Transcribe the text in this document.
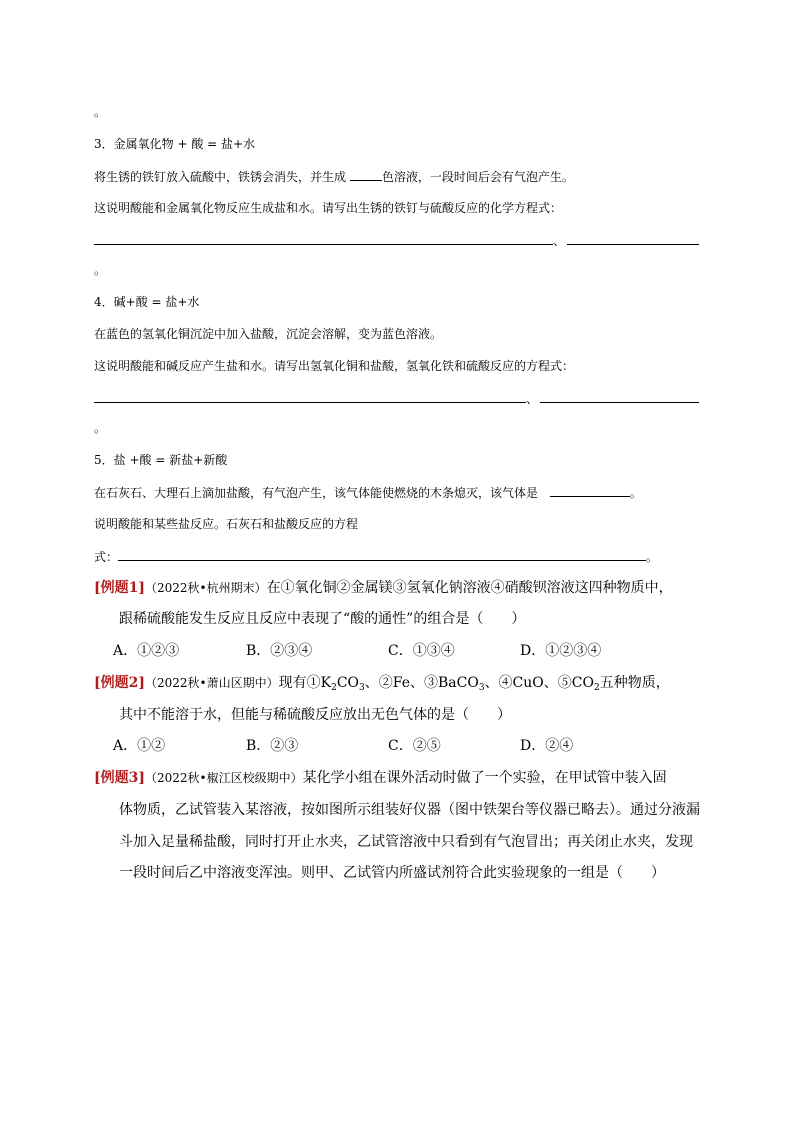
。
3．金属氧化物 + 酸 = 盐+水
将生锈的铁钉放入硫酸中，铁锈会消失，并生成	色溶液，一段时间后会有气泡产生。
这说明酸能和金属氧化物反应生成盐和水。请写出生锈的铁钉与硫酸反应的化学方程式：
、
。
4．碱+酸 = 盐+水
在蓝色的氢氧化铜沉淀中加入盐酸，沉淀会溶解，变为蓝色溶液。
这说明酸能和碱反应产生盐和水。请写出氢氧化铜和盐酸，氢氧化铁和硫酸反应的方程式：
、
。
5．盐 +酸 = 新盐+新酸
在石灰石、大理石上滴加盐酸，有气泡产生，该气体能使燃烧的木条熄灭，该气体是	。
说明酸能和某些盐反应。石灰石和盐酸反应的方程
式：	。
[例题1]（2022秋•杭州期末）在①氧化铜②金属镁③氢氧化钠溶液④硝酸钡溶液这四种物质中，
跟稀硫酸能发生反应且反应中表现了“酸的通性”的组合是（　　）
A．①②③	B．②③④	C．①③④	D．①②③④
[例题2]（2022秋•萧山区期中）现有$①K_2CO_3$、②Fe、③BaCO$_3$、④CuO、$⑤CO_2$五种物质，
其中不能溶于水，但能与稀硫酸反应放出无色气体的是（　　）
A．①②	B．②③	C．②⑤	D．②④
[例题3]（2022秋•椒江区校级期中）某化学小组在课外活动时做了一个实验，在甲试管中装入固
体物质，乙试管装入某溶液，按如图所示组装好仪器（图中铁架台等仪器已略去）。通过分液漏
斗加入足量稀盐酸，同时打开止水夹，乙试管溶液中只看到有气泡冒出；再关闭止水夹，发现
一段时间后乙中溶液变浑浊。则甲、乙试管内所盛试剂符合此实验现象的一组是（　　）
